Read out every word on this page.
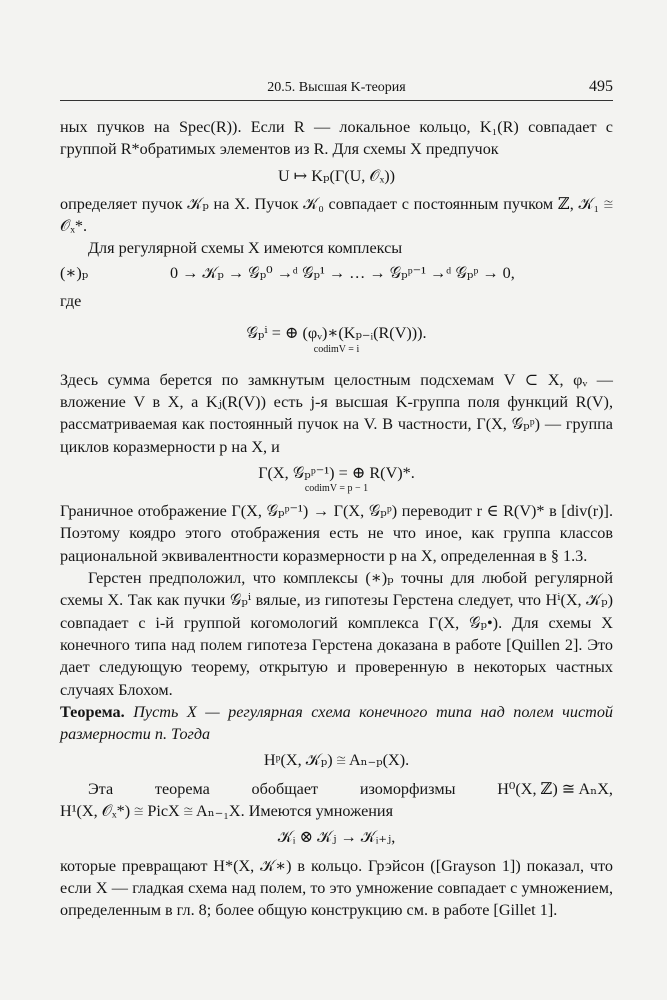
20.5. Высшая K-теория	495

ных пучков на Spec(R)). Если R — локальное кольцо, K₁(R) совпадает с группой R*обратимых элементов из R. Для схемы X предпучок

U ↦ Kₚ(Γ(U, 𝒪ₓ))

определяет пучок 𝒦ₚ на X. Пучок 𝒦₀ совпадает с постоянным пучком ℤ, 𝒦₁ ≅ 𝒪ₓ*.

Для регулярной схемы X имеются комплексы

(∗)ₚ	0 → 𝒦ₚ → 𝒢ₚ⁰ →ᵈ 𝒢ₚ¹ → … → 𝒢ₚᵖ⁻¹ →ᵈ 𝒢ₚᵖ → 0,

где

𝒢ₚⁱ = ⊕ (φᵥ)∗(Kₚ₋ᵢ(R(V))).
codimV = i

Здесь сумма берется по замкнутым целостным подсхемам V ⊂ X, φᵥ — вложение V в X, а Kⱼ(R(V)) есть j-я высшая K-группа поля функций R(V), рассматриваемая как постоянный пучок на V. В частности, Γ(X, 𝒢ₚᵖ) — группа циклов коразмерности p на X, и

Γ(X, 𝒢ₚᵖ⁻¹) = ⊕ R(V)*.
codimV = p − 1

Граничное отображение Γ(X, 𝒢ₚᵖ⁻¹) → Γ(X, 𝒢ₚᵖ) переводит r ∈ R(V)* в [div(r)]. Поэтому коядро этого отображения есть не что иное, как группа классов рациональной эквивалентности коразмерности p на X, определенная в § 1.3.

Герстен предположил, что комплексы (∗)ₚ точны для любой регулярной схемы X. Так как пучки 𝒢ₚⁱ вялые, из гипотезы Герстена следует, что Hⁱ(X, 𝒦ₚ) совпадает с i-й группой когомологий комплекса Γ(X, 𝒢ₚ•). Для схемы X конечного типа над полем гипотеза Герстена доказана в работе [Quillen 2]. Это дает следующую теорему, открытую и проверенную в некоторых частных случаях Блохом.

Теорема. Пусть X — регулярная схема конечного типа над полем чистой размерности n. Тогда

Hᵖ(X, 𝒦ₚ) ≅ Aₙ₋ₚ(X).

Эта	теорема	обобщает	изоморфизмы	H⁰(X, ℤ) ≅ AₙX,

H¹(X, 𝒪ₓ*) ≅ PicX ≅ Aₙ₋₁X. Имеются умножения

𝒦ᵢ ⊗ 𝒦ⱼ → 𝒦ᵢ₊ⱼ,

которые превращают H*(X, 𝒦∗) в кольцо. Грэйсон ([Grayson 1]) показал, что если X — гладкая схема над полем, то это умножение совпадает с умножением, определенным в гл. 8; более общую конструкцию см. в работе [Gillet 1].
